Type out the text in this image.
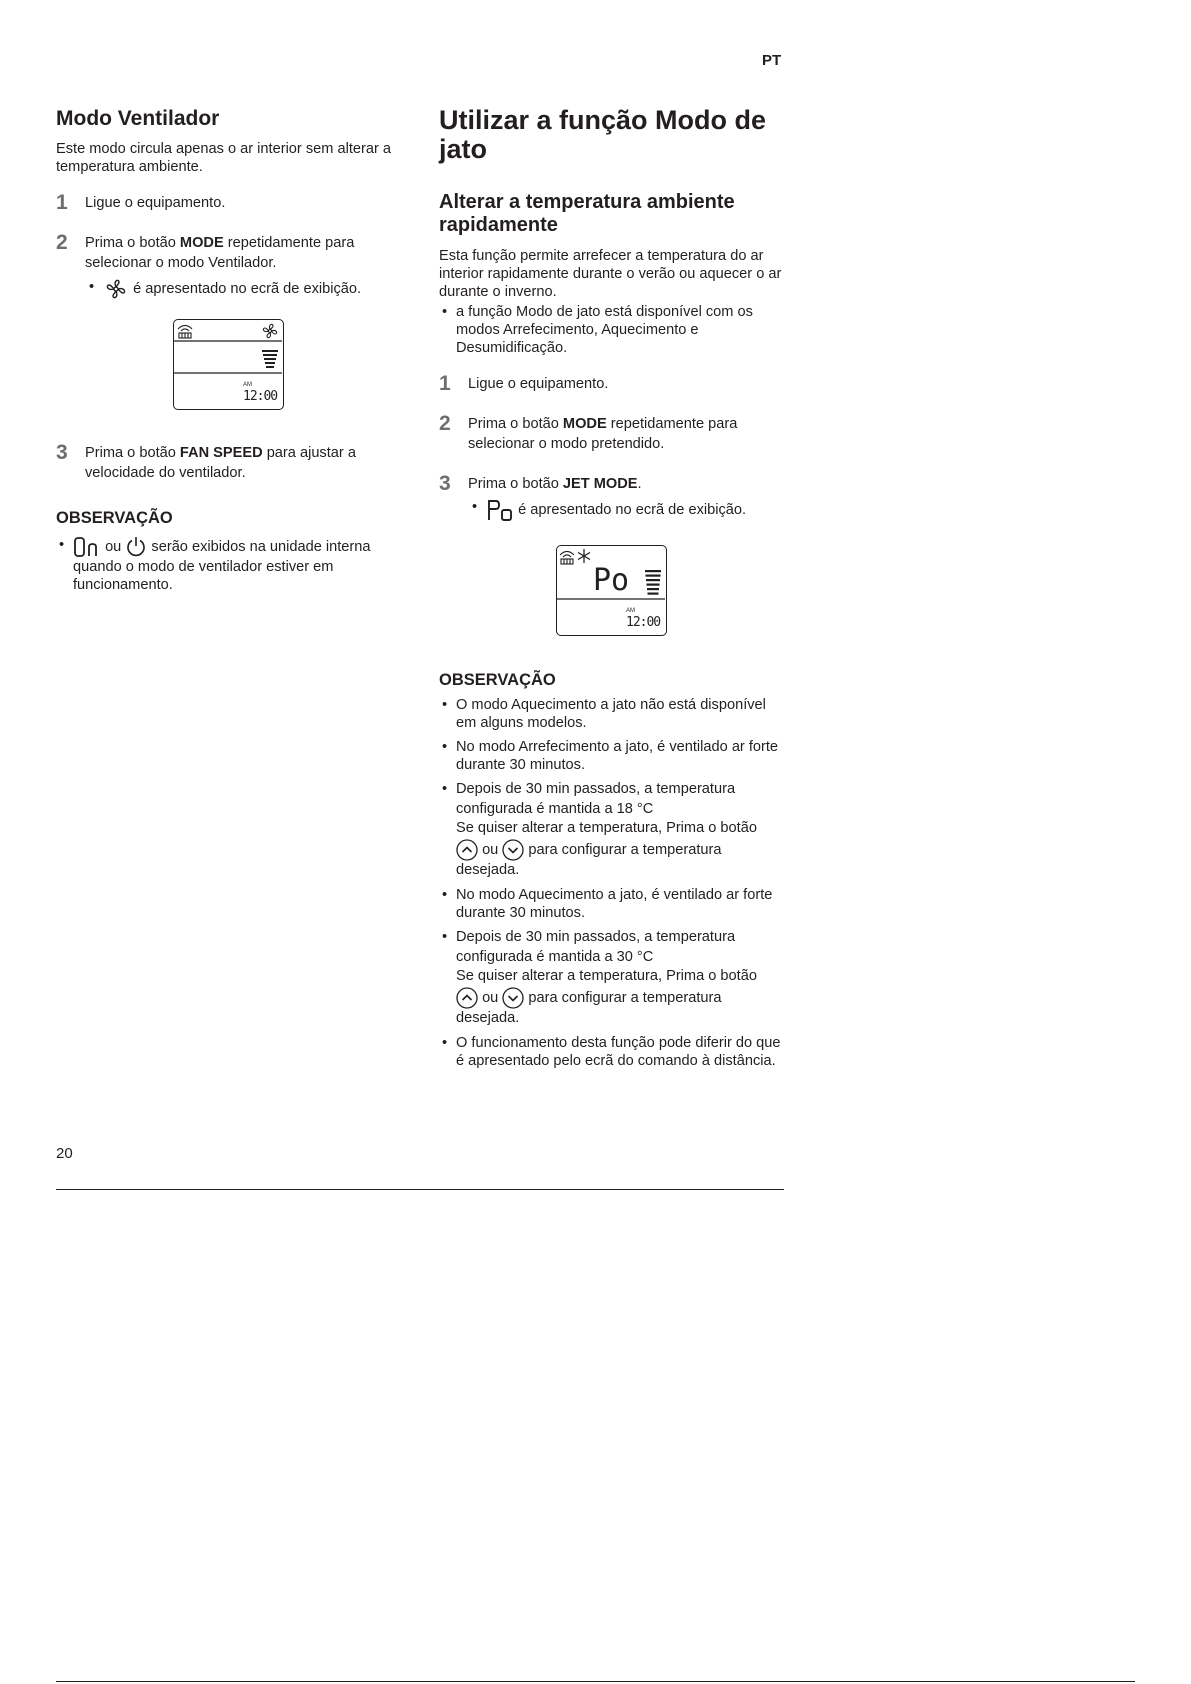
PT
Modo Ventilador

Este modo circula apenas o ar interior sem alterar a temperatura ambiente.

1	Ligue o equipamento.
2	Prima o botão MODE repetidamente para selecionar o modo Ventilador.
•	é apresentado no ecrã de exibição.
12:00
AM
3	Prima o botão FAN SPEED para ajustar a velocidade do ventilador.
OBSERVAÇÃO
•	ou serão exibidos na unidade interna quando o modo de ventilador estiver em funcionamento.
Utilizar a função Modo de jato
Alterar a temperatura ambiente rapidamente

Esta função permite arrefecer a temperatura do ar interior rapidamente durante o verão ou aquecer o ar durante o inverno.

• a função Modo de jato está disponível com os modos Arrefecimento, Aquecimento e Desumidificação.
1	Ligue o equipamento.
2	Prima o botão MODE repetidamente para selecionar o modo pretendido.
3	Prima o botão JET MODE.
•	é apresentado no ecrã de exibição.
Po
12:00
AM
OBSERVAÇÃO
• O modo Aquecimento a jato não está disponível em alguns modelos.
• No modo Arrefecimento a jato, é ventilado ar forte durante 30 minutos.
• Depois de 30 min passados, a temperatura configurada é mantida a 18 °C
Se quiser alterar a temperatura, Prima o botão
ou para configurar a temperatura desejada.
• No modo Aquecimento a jato, é ventilado ar forte durante 30 minutos.
• Depois de 30 min passados, a temperatura configurada é mantida a 30 °C
Se quiser alterar a temperatura, Prima o botão
ou para configurar a temperatura desejada.
• O funcionamento desta função pode diferir do que é apresentado pelo ecrã do comando à distância.
20
